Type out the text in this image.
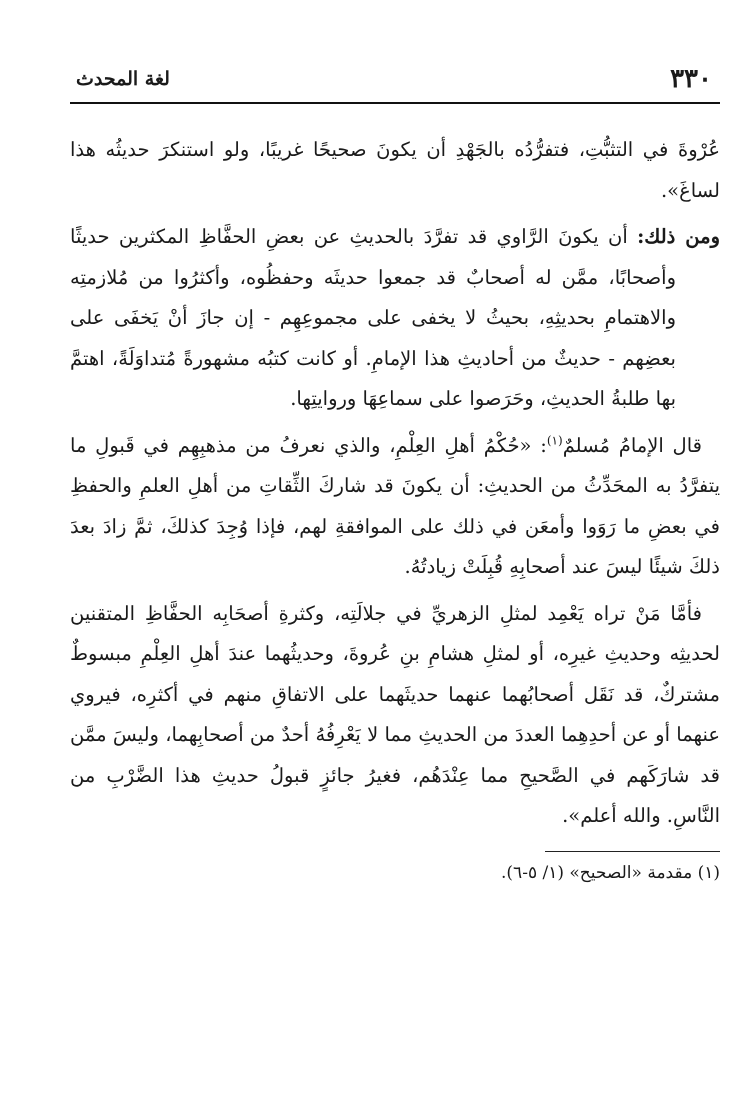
٣٣٠
لغة المحدث

عُرْوةَ في التثبُّتِ، فتفرُّدُه بالجَهْدِ أن يكونَ صحيحًا غريبًا، ولو استنكرَ حديثُه هذا لساغَ».

ومن ذلك: أن يكونَ الرَّاوي قد تفرَّدَ بالحديثِ عن بعضِ الحفَّاظِ المكثرين حديثًا وأصحابًا، ممَّن له أصحابٌ قد جمعوا حديثَه وحفظُوه، وأكثرُوا من مُلازمتِه والاهتمامِ بحديثِهِ، بحيثُ لا يخفى على مجموعِهِم - إن جازَ أنْ يَخفَى على بعضِهم - حديثٌ من أحاديثِ هذا الإمامِ. أو كانت كتبُه مشهورةً مُتداوَلَةً، اهتمَّ بها طلبةُ الحديثِ، وحَرَصوا على سماعِهَا وروايتِها.

قال الإمامُ مُسلمٌ$^{(١)}$: «حُكْمُ أهلِ العِلْمِ، والذي نعرفُ من مذهبِهِم في قَبولِ ما يتفرَّدُ به المحَدِّثُ من الحديثِ: أن يكونَ قد شاركَ الثِّقاتِ من أهلِ العلمِ والحفظِ في بعضِ ما رَوَوا وأمعَن في ذلك على الموافقةِ لهم، فإذا وُجِدَ كذلكَ، ثمَّ زادَ بعدَ ذلكَ شيئًا ليسَ عند أصحابِهِ قُبِلَتْ زيادتُهُ.

فأمَّا مَنْ تراه يَعْمِد لمثلِ الزهريِّ في جلالَتِه، وكثرةِ أصحَابِه الحفَّاظِ المتقنين لحديثِه وحديثِ غيرِه، أو لمثلِ هشامِ بنِ عُروةَ، وحديثُهما عندَ أهلِ العِلْمِ مبسوطٌ مشتركٌ، قد نَقَل أصحابُهما عنهما حديثَهما على الاتفاقِ منهم في أكثرِه، فيروي عنهما أو عن أحدِهِما العددَ من الحديثِ مما لا يَعْرِفُهُ أحدٌ من أصحابِهما، وليسَ ممَّن قد شارَكَهم في الصَّحيحِ مما عِنْدَهُم، فغيرُ جائزٍ قبولُ حديثِ هذا الضَّرْبِ من النَّاسِ. والله أعلم».

(١) مقدمة «الصحيح» (١/ ٥-٦).
